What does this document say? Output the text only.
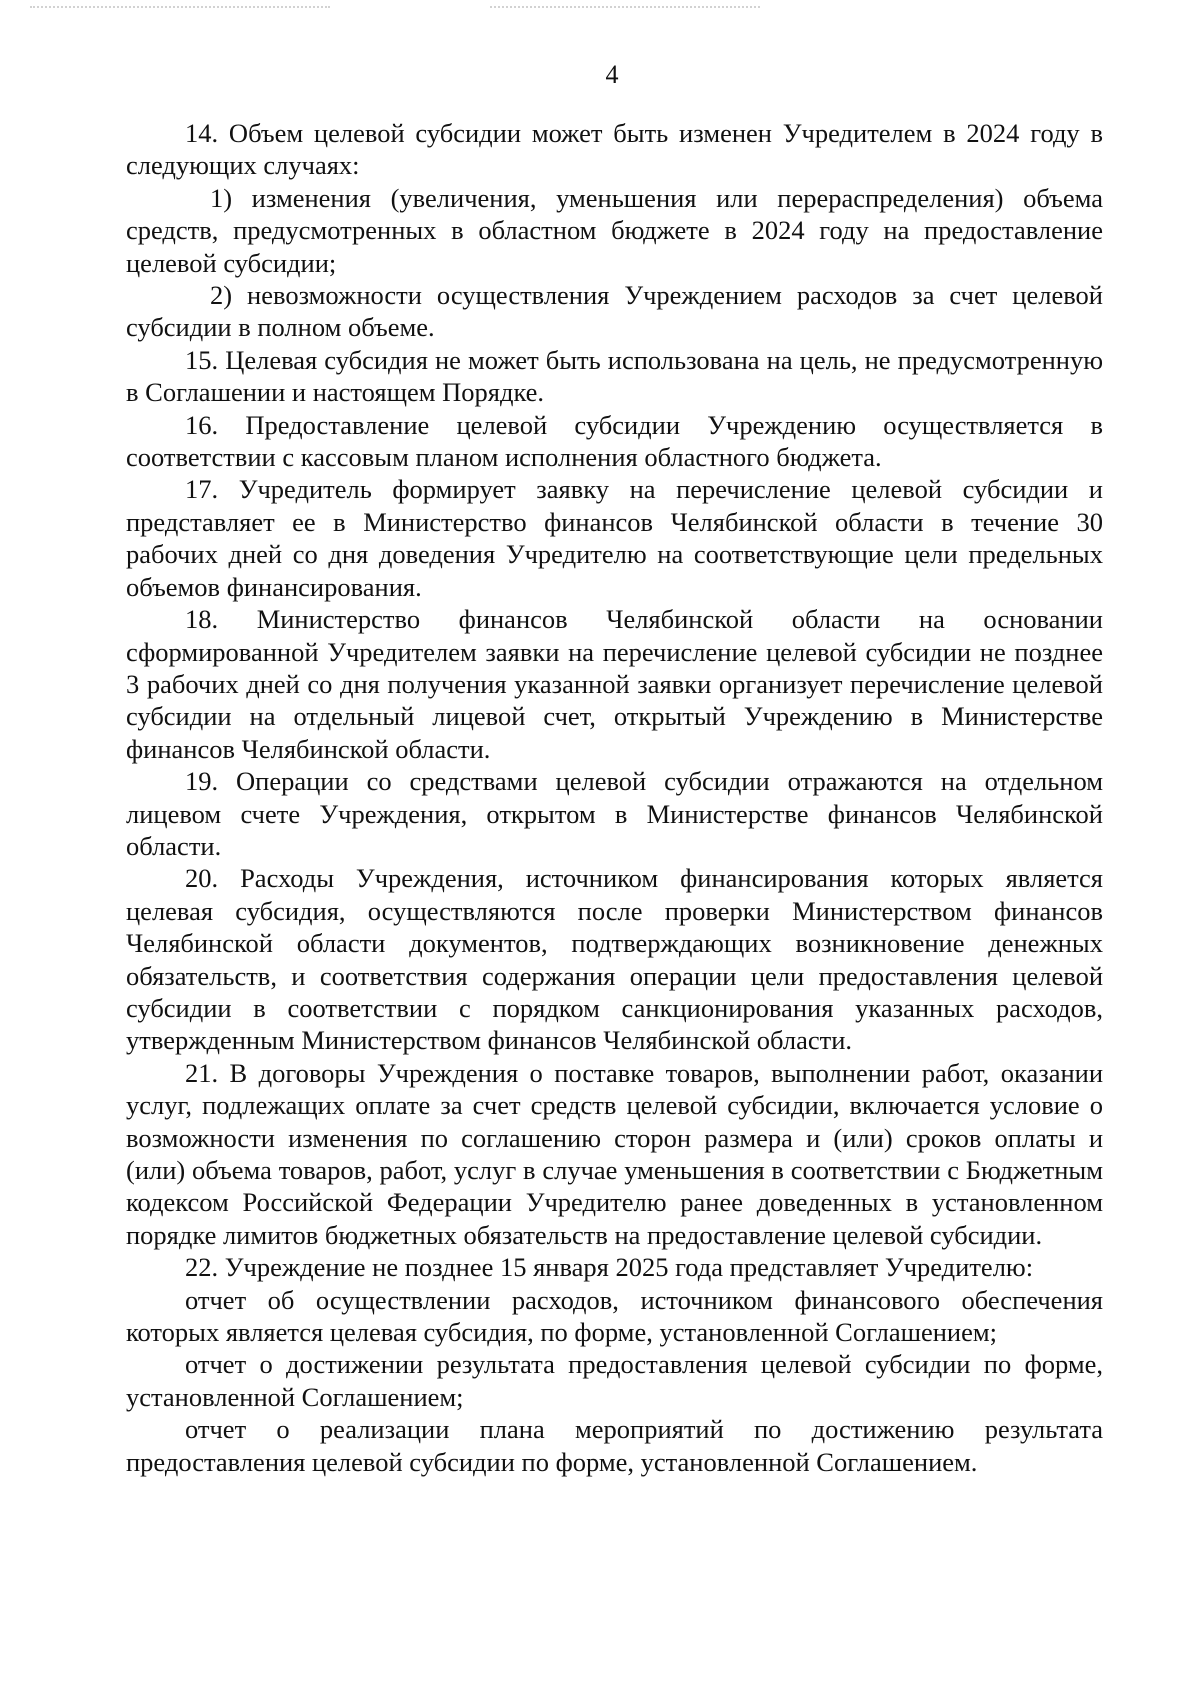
4

14. Объем целевой субсидии может быть изменен Учредителем в 2024 году в следующих случаях:

1) изменения (увеличения, уменьшения или перераспределения) объема средств, предусмотренных в областном бюджете в 2024 году на предоставление целевой субсидии;

2) невозможности осуществления Учреждением расходов за счет целевой субсидии в полном объеме.

15. Целевая субсидия не может быть использована на цель, не предусмотренную в Соглашении и настоящем Порядке.

16. Предоставление целевой субсидии Учреждению осуществляется в соответствии с кассовым планом исполнения областного бюджета.

17. Учредитель формирует заявку на перечисление целевой субсидии и представляет ее в Министерство финансов Челябинской области в течение 30 рабочих дней со дня доведения Учредителю на соответствующие цели предельных объемов финансирования.

18. Министерство финансов Челябинской области на основании сформированной Учредителем заявки на перечисление целевой субсидии не позднее 3 рабочих дней со дня получения указанной заявки организует перечисление целевой субсидии на отдельный лицевой счет, открытый Учреждению в Министерстве финансов Челябинской области.

19. Операции со средствами целевой субсидии отражаются на отдельном лицевом счете Учреждения, открытом в Министерстве финансов Челябинской области.

20. Расходы Учреждения, источником финансирования которых является целевая субсидия, осуществляются после проверки Министерством финансов Челябинской области документов, подтверждающих возникновение денежных обязательств, и соответствия содержания операции цели предоставления целевой субсидии в соответствии с порядком санкционирования указанных расходов, утвержденным Министерством финансов Челябинской области.

21. В договоры Учреждения о поставке товаров, выполнении работ, оказании услуг, подлежащих оплате за счет средств целевой субсидии, включается условие о возможности изменения по соглашению сторон размера и (или) сроков оплаты и (или) объема товаров, работ, услуг в случае уменьшения в соответствии с Бюджетным кодексом Российской Федерации Учредителю ранее доведенных в установленном порядке лимитов бюджетных обязательств на предоставление целевой субсидии.

22. Учреждение не позднее 15 января 2025 года представляет Учредителю:

отчет об осуществлении расходов, источником финансового обеспечения которых является целевая субсидия, по форме, установленной Соглашением;

отчет о достижении результата предоставления целевой субсидии по форме, установленной Соглашением;

отчет о реализации плана мероприятий по достижению результата предоставления целевой субсидии по форме, установленной Соглашением.
